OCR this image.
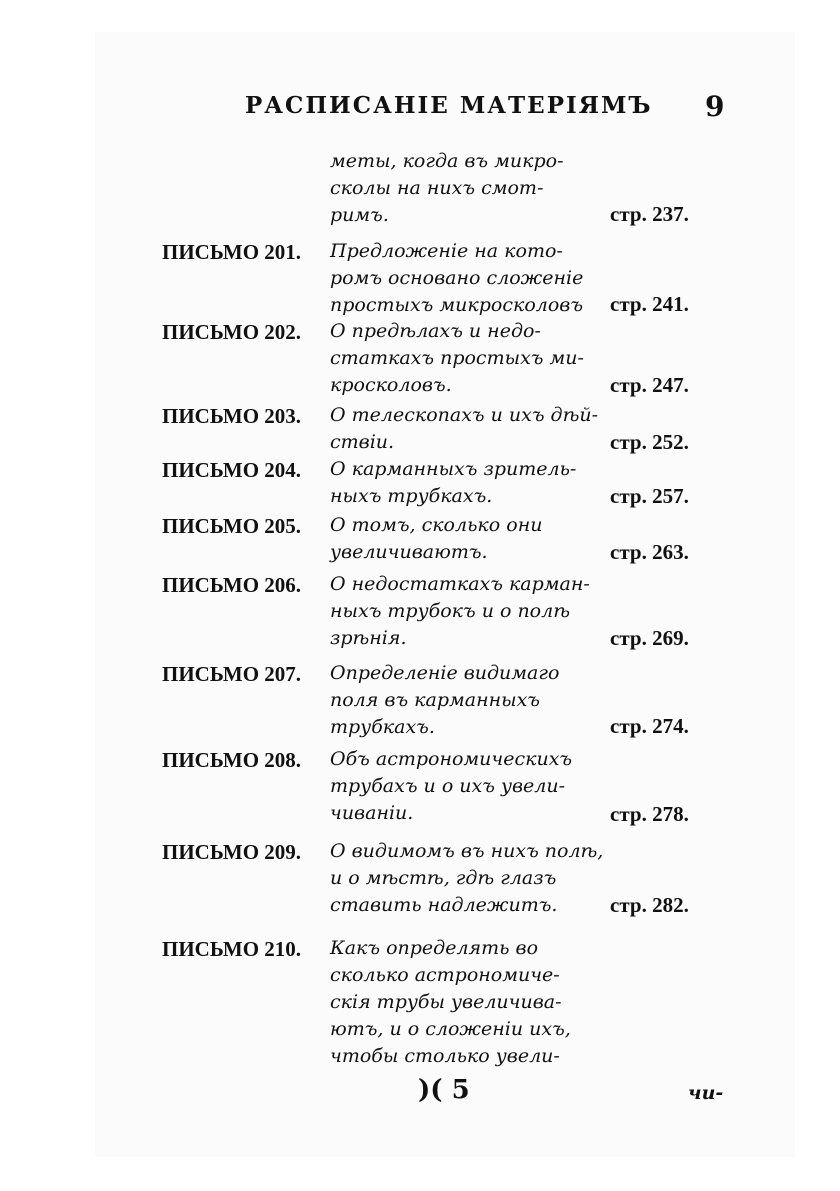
РАСПИСАНІЕ МАТЕРІЯМЪ 9
меты, когда въ микро-
сколы на нихъ смот-
римъ.	стр. 237.
ПИСЬМО 201. Предложеніе на кото-
ромъ основано сложеніе
простыхъ микросколовъ	стр. 241.
ПИСЬМО 202. О предѣлахъ и недо-
статкахъ простыхъ ми-
кросколовъ.	стр. 247.
ПИСЬМО 203. О телескопахъ и ихъ дѣй-
ствіи.	стр. 252.
ПИСЬМО 204. О карманныхъ зритель-
ныхъ трубкахъ.	стр. 257.
ПИСЬМО 205. О томъ, сколько они
увеличиваютъ.	стр. 263.
ПИСЬМО 206. О недостаткахъ карман-
ныхъ трубокъ и о полѣ
зрѣнія.	стр. 269.
ПИСЬМО 207. Определеніе видимаго
поля въ карманныхъ
трубкахъ.	стр. 274.
ПИСЬМО 208. Объ астрономическихъ
трубахъ и о ихъ увели-
чиваніи.	стр. 278.
ПИСЬМО 209. О видимомъ въ нихъ полѣ,
и о мѣстѣ, гдѣ глазъ
ставить надлежитъ.	стр. 282.
ПИСЬМО 210. Какъ определять во
сколько астрономиче-
скія трубы увеличива-
ютъ, и о сложеніи ихъ,
чтобы столько увели-
)( 5	чи-
